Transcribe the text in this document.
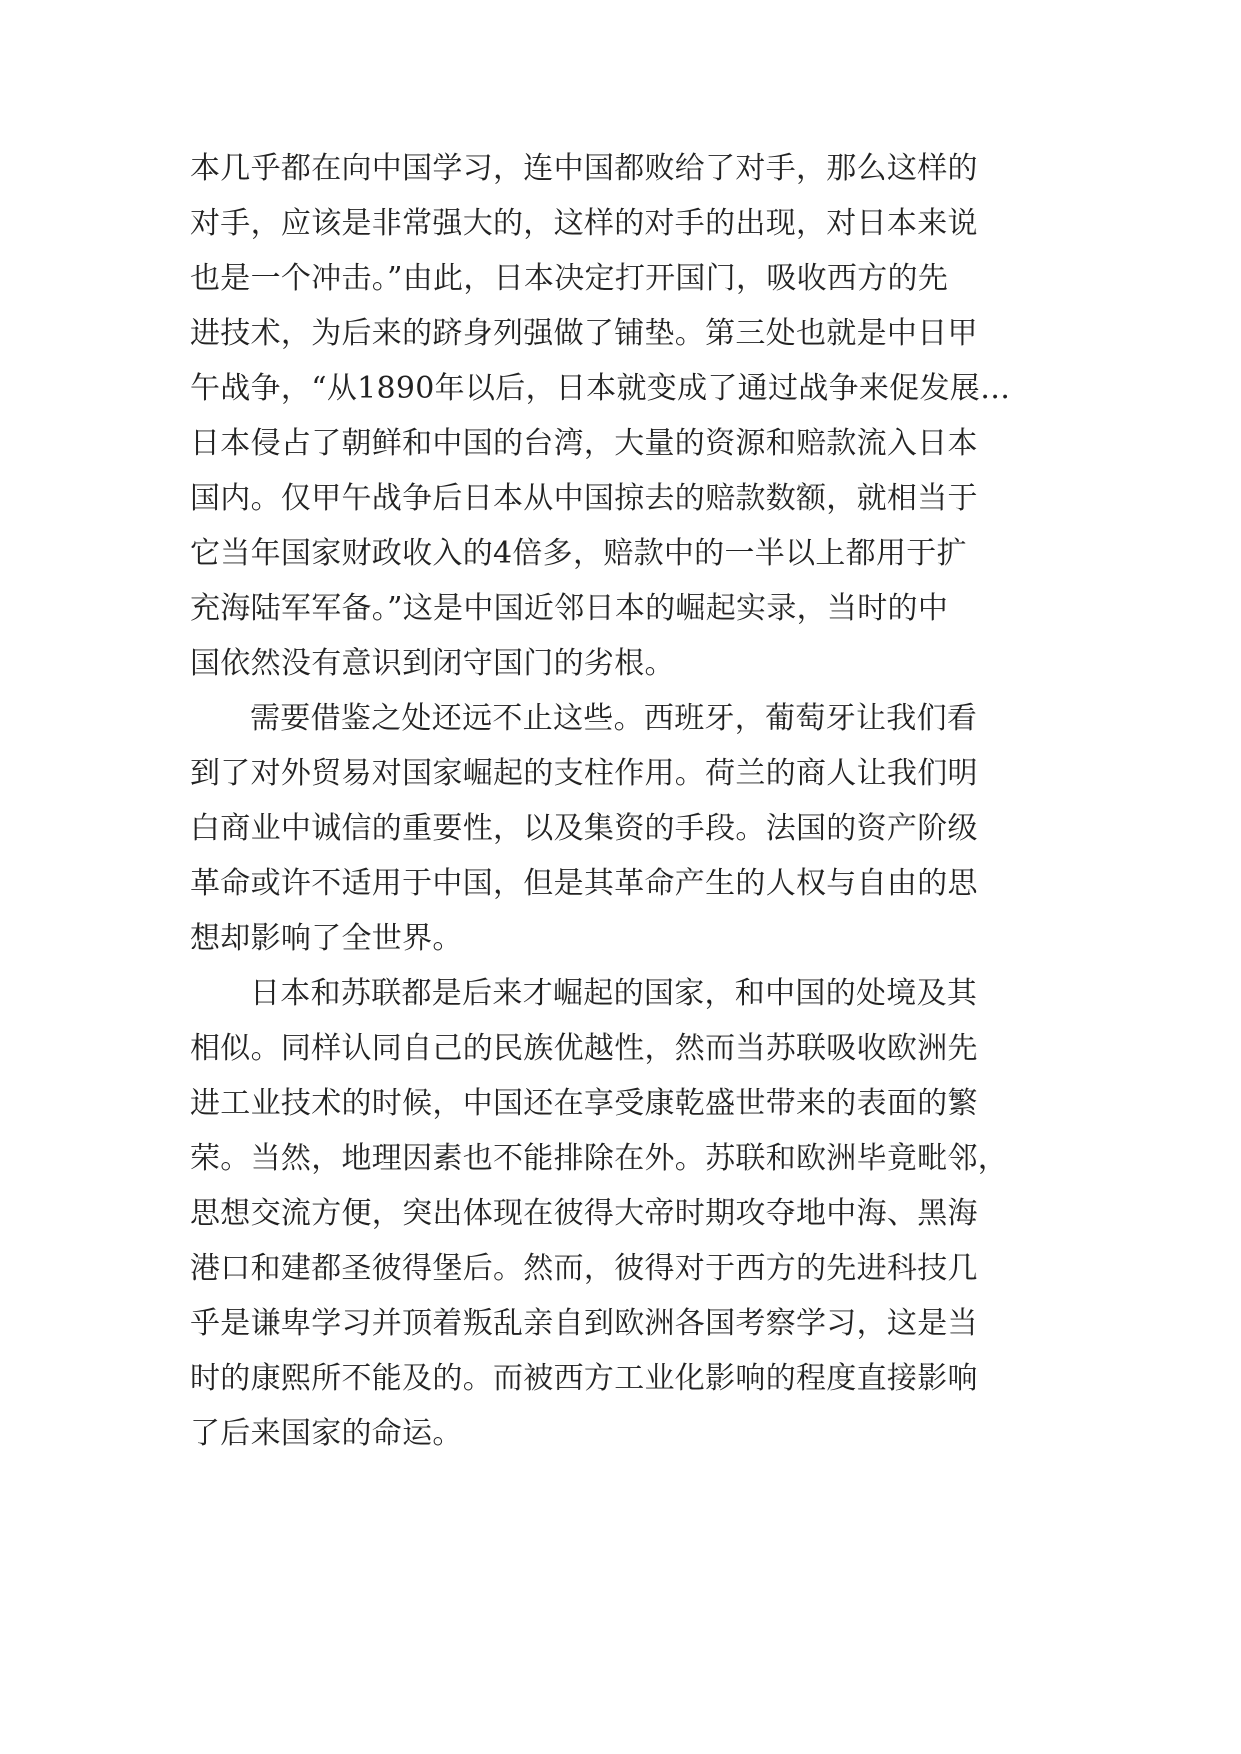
本几乎都在向中国学习，连中国都败给了对手，那么这样的
对手，应该是非常强大的，这样的对手的出现，对日本来说
也是一个冲击。”由此，日本决定打开国门，吸收西方的先
进技术，为后来的跻身列强做了铺垫。第三处也就是中日甲
午战争，“从1890年以后，日本就变成了通过战争来促发展…
日本侵占了朝鲜和中国的台湾，大量的资源和赔款流入日本
国内。仅甲午战争后日本从中国掠去的赔款数额，就相当于
它当年国家财政收入的4倍多，赔款中的一半以上都用于扩
充海陆军军备。”这是中国近邻日本的崛起实录，当时的中
国依然没有意识到闭守国门的劣根。
需要借鉴之处还远不止这些。西班牙，葡萄牙让我们看
到了对外贸易对国家崛起的支柱作用。荷兰的商人让我们明
白商业中诚信的重要性，以及集资的手段。法国的资产阶级
革命或许不适用于中国，但是其革命产生的人权与自由的思
想却影响了全世界。
日本和苏联都是后来才崛起的国家，和中国的处境及其
相似。同样认同自己的民族优越性，然而当苏联吸收欧洲先
进工业技术的时候，中国还在享受康乾盛世带来的表面的繁
荣。当然，地理因素也不能排除在外。苏联和欧洲毕竟毗邻，
思想交流方便，突出体现在彼得大帝时期攻夺地中海、黑海
港口和建都圣彼得堡后。然而，彼得对于西方的先进科技几
乎是谦卑学习并顶着叛乱亲自到欧洲各国考察学习，这是当
时的康熙所不能及的。而被西方工业化影响的程度直接影响
了后来国家的命运。
